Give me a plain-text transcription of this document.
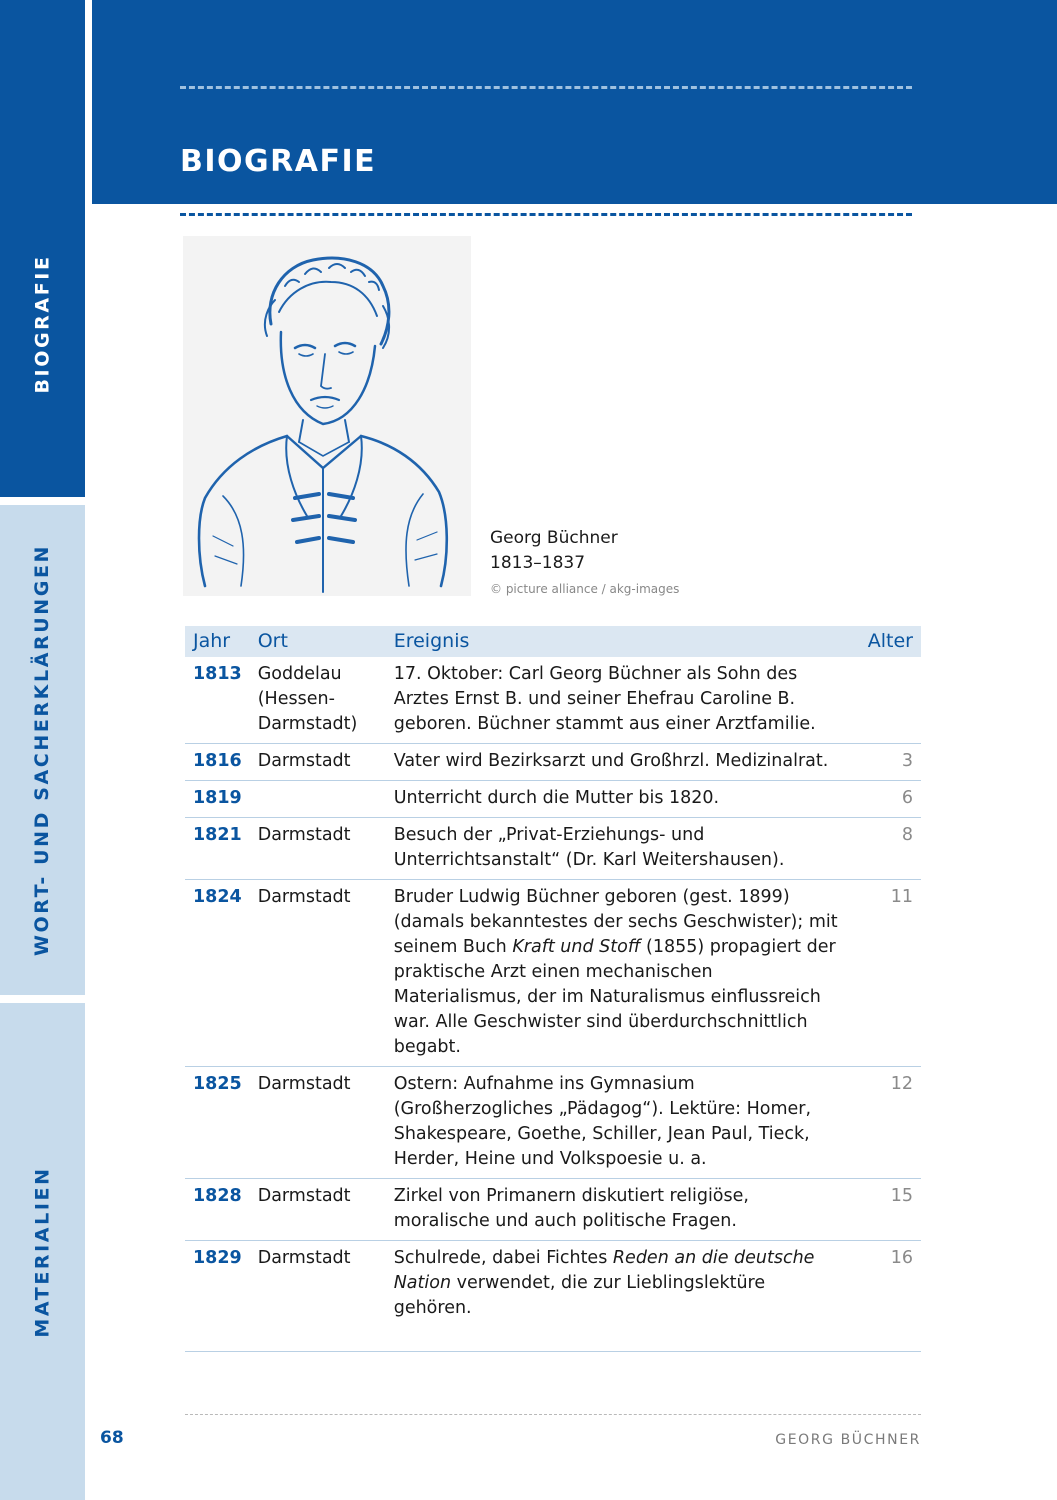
BIOGRAFIE
WORT- UND SACHERKLÄRUNGEN
MATERIALIEN
BIOGRAFIE
Georg Büchner
1813–1837
© picture alliance / akg-images
Jahr	Ort	Ereignis	Alter
1813	Goddelau (Hessen-Darmstadt)	17. Oktober: Carl Georg Büchner als Sohn des Arztes Ernst B. und seiner Ehefrau Caroline B. geboren. Büchner stammt aus einer Arztfamilie.	
1816	Darmstadt	Vater wird Bezirksarzt und Großhrzl. Medizinalrat.	3
1819		Unterricht durch die Mutter bis 1820.	6
1821	Darmstadt	Besuch der „Privat-Erziehungs- und Unterrichtsanstalt“ (Dr. Karl Weitershausen).	8
1824	Darmstadt	Bruder Ludwig Büchner geboren (gest. 1899) (damals bekanntestes der sechs Geschwister); mit seinem Buch Kraft und Stoff (1855) propagiert der praktische Arzt einen mechanischen Materialismus, der im Naturalismus einflussreich war. Alle Geschwister sind überdurchschnittlich begabt.	11
1825	Darmstadt	Ostern: Aufnahme ins Gymnasium (Großherzogliches „Pädagog“). Lektüre: Homer, Shakespeare, Goethe, Schiller, Jean Paul, Tieck, Herder, Heine und Volkspoesie u. a.	12
1828	Darmstadt	Zirkel von Primanern diskutiert religiöse, moralische und auch politische Fragen.	15
1829	Darmstadt	Schulrede, dabei Fichtes Reden an die deutsche Nation verwendet, die zur Lieblingslektüre gehören.	16
68	GEORG BÜCHNER
